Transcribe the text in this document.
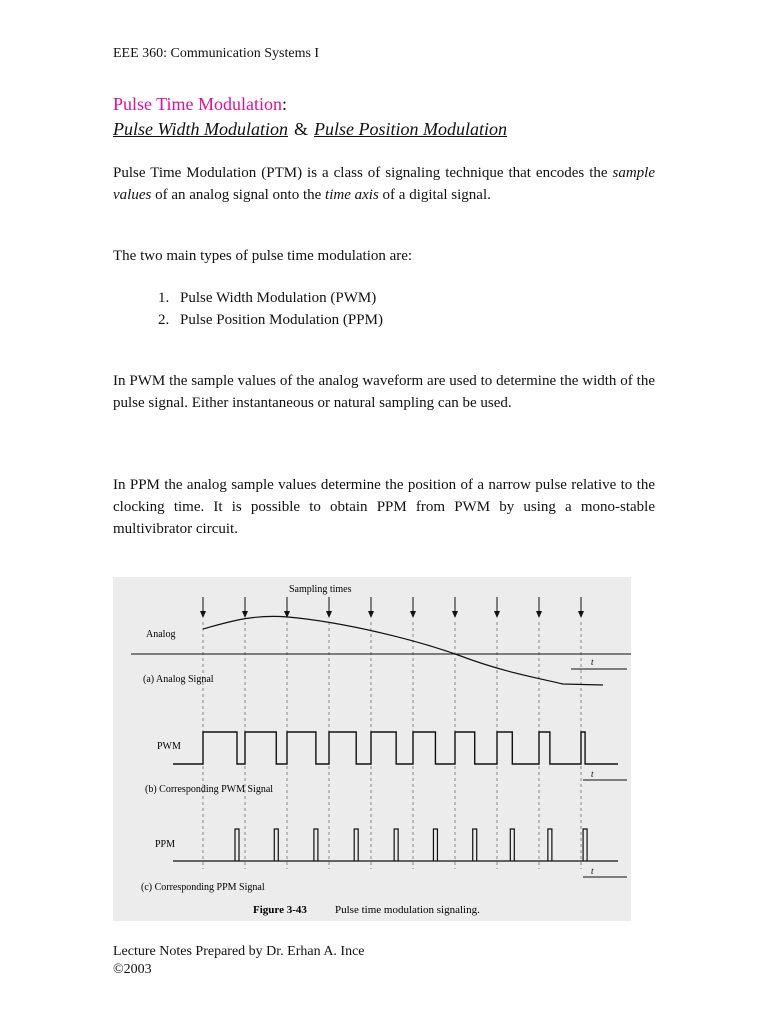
EEE 360: Communication Systems I
Pulse Time Modulation:
Pulse Width Modulation & Pulse Position Modulation
Pulse Time Modulation (PTM) is a class of signaling technique that encodes the sample values of an analog signal onto the time axis of a digital signal.
The two main types of pulse time modulation are:
1. Pulse Width Modulation (PWM)
2. Pulse Position Modulation (PPM)
In PWM the sample values of the analog waveform are used to determine the width of the pulse signal. Either instantaneous or natural sampling can be used.
In PPM the analog sample values determine the position of a narrow pulse relative to the clocking time. It is possible to obtain PPM from PWM by using a mono-stable multivibrator circuit.
Sampling times
Analog
t
(a) Analog Signal
PWM
t
(b) Corresponding PWM Signal
PPM
t
(c) Corresponding PPM Signal
Figure 3-43	Pulse time modulation signaling.
Lecture Notes Prepared by Dr. Erhan A. Ince
©2003
